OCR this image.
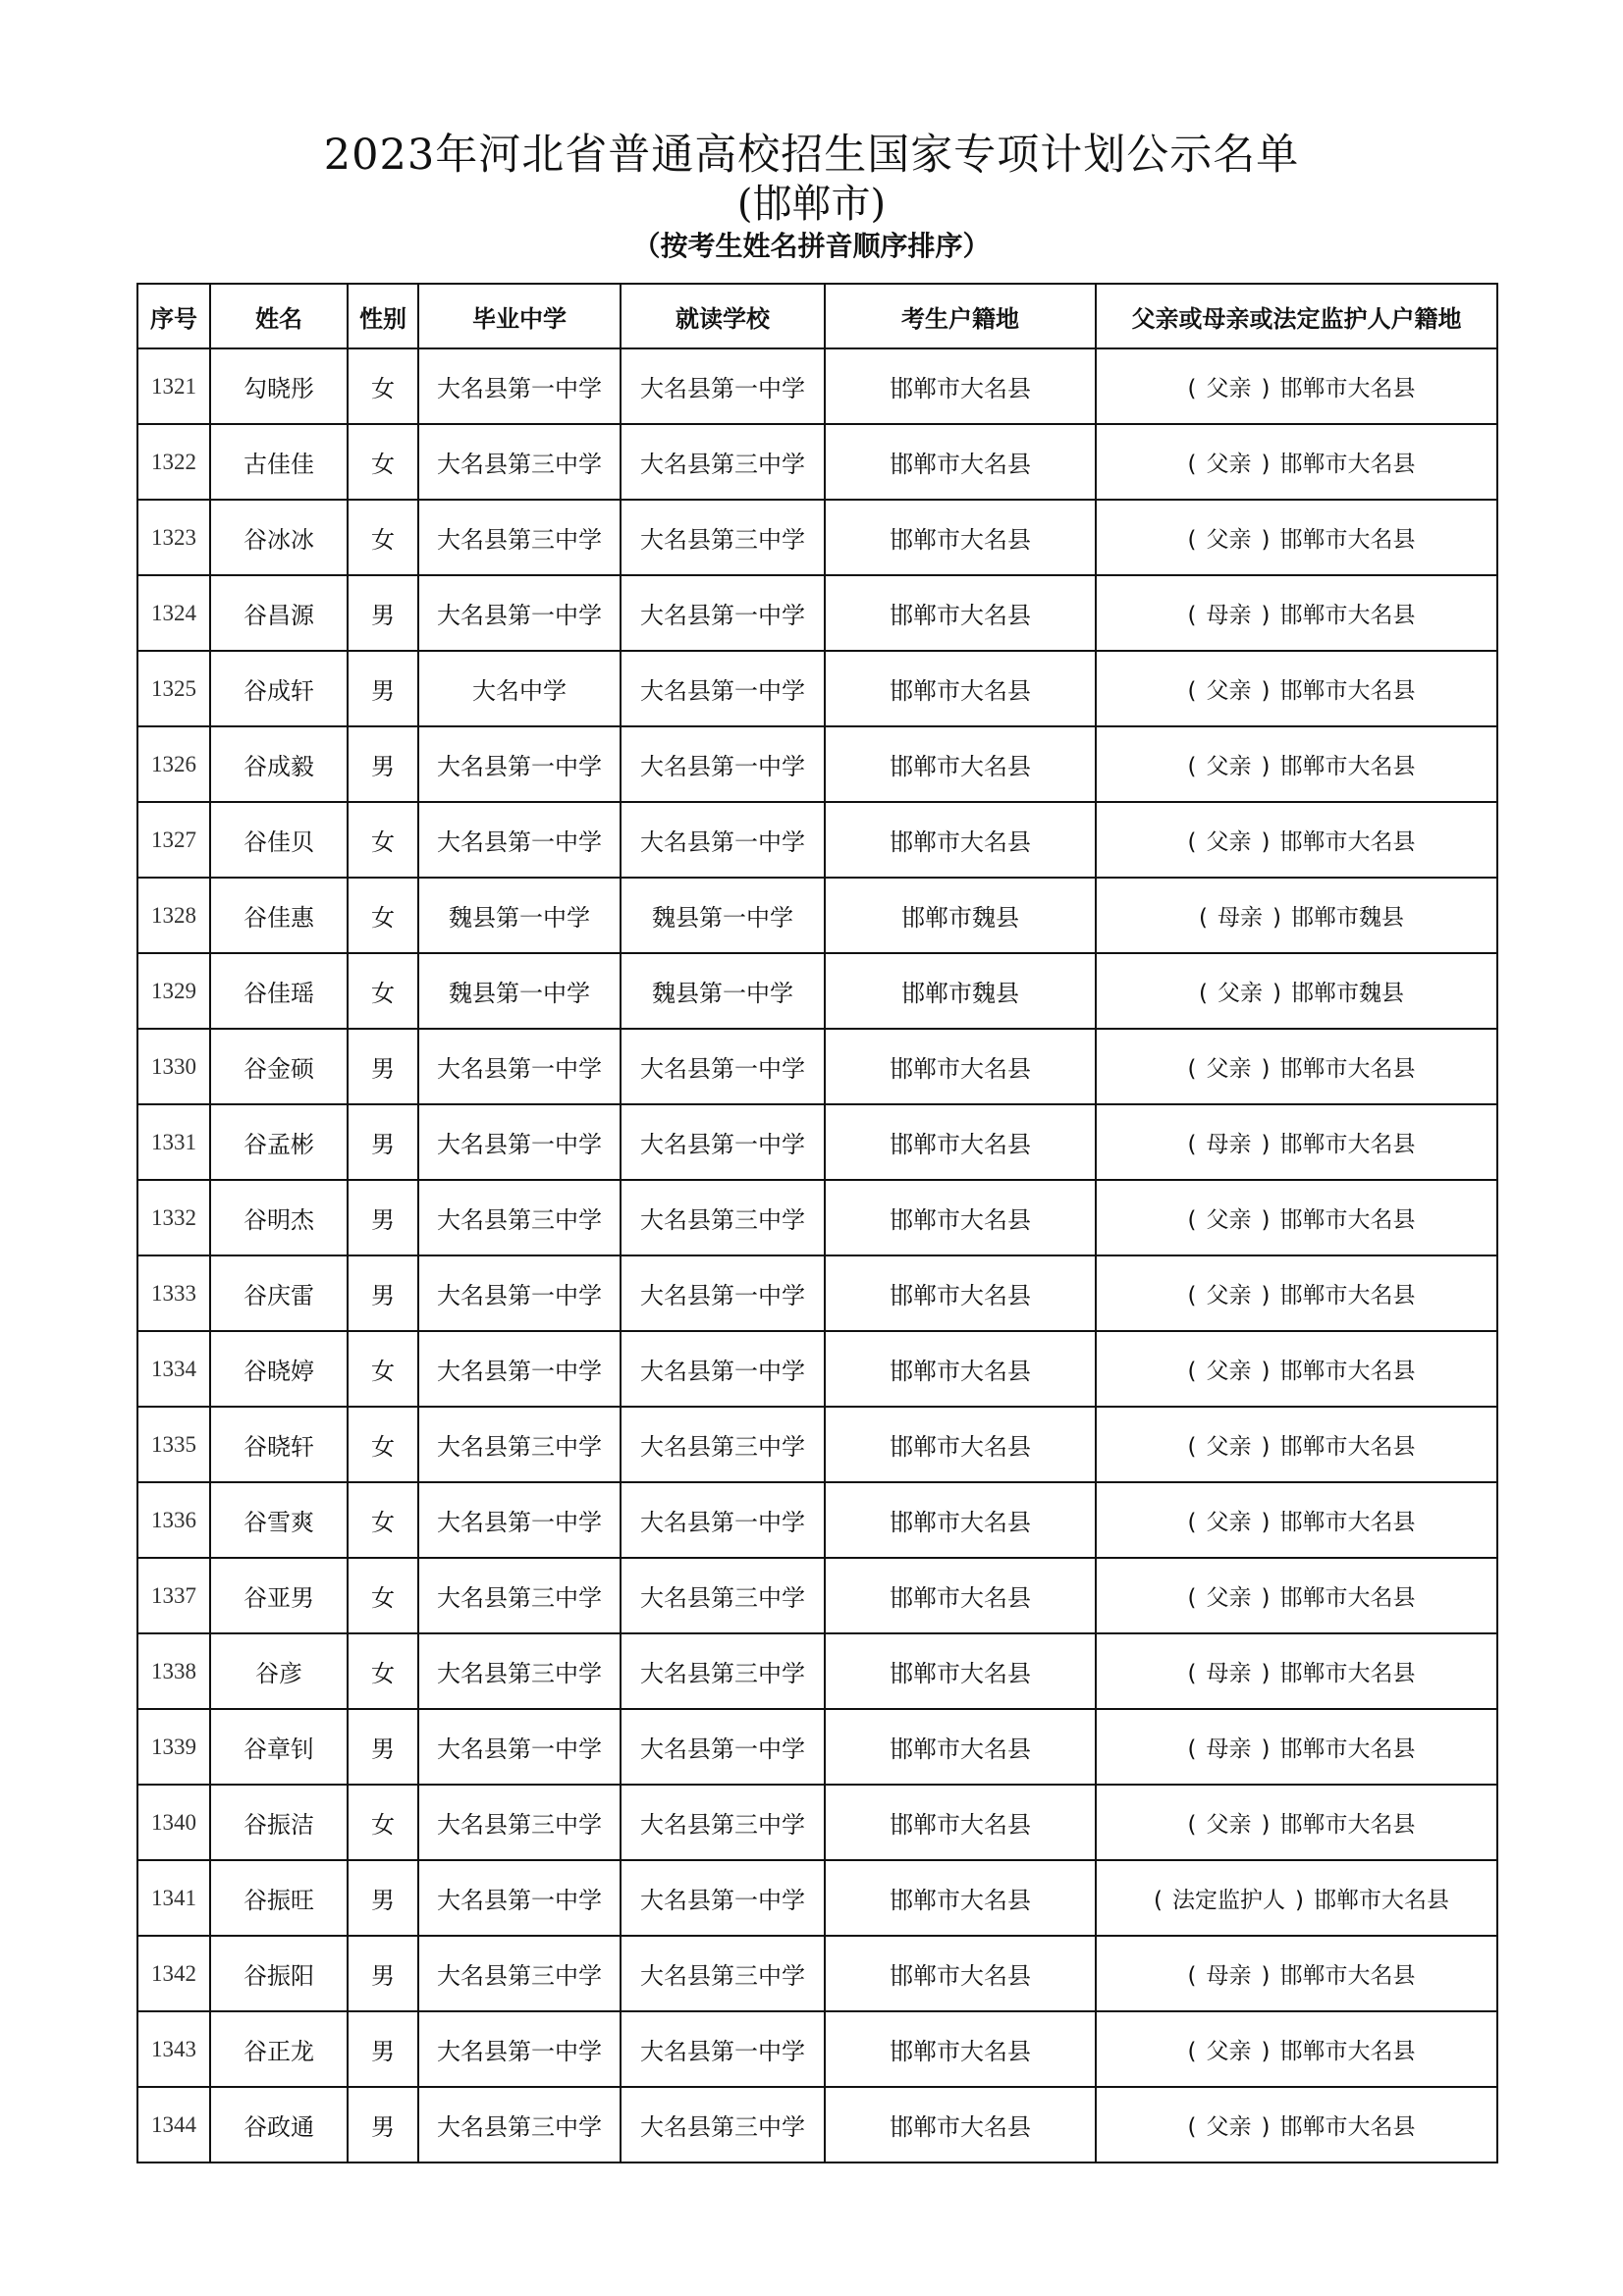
2023年河北省普通高校招生国家专项计划公示名单
(邯郸市)
（按考生姓名拼音顺序排序）
序号	姓名	性别	毕业中学	就读学校	考生户籍地	父亲或母亲或法定监护人户籍地
1321	勾晓彤	女	大名县第一中学	大名县第一中学	邯郸市大名县	( 父亲 ) 邯郸市大名县
1322	古佳佳	女	大名县第三中学	大名县第三中学	邯郸市大名县	( 父亲 ) 邯郸市大名县
1323	谷冰冰	女	大名县第三中学	大名县第三中学	邯郸市大名县	( 父亲 ) 邯郸市大名县
1324	谷昌源	男	大名县第一中学	大名县第一中学	邯郸市大名县	( 母亲 ) 邯郸市大名县
1325	谷成轩	男	大名中学	大名县第一中学	邯郸市大名县	( 父亲 ) 邯郸市大名县
1326	谷成毅	男	大名县第一中学	大名县第一中学	邯郸市大名县	( 父亲 ) 邯郸市大名县
1327	谷佳贝	女	大名县第一中学	大名县第一中学	邯郸市大名县	( 父亲 ) 邯郸市大名县
1328	谷佳惠	女	魏县第一中学	魏县第一中学	邯郸市魏县	( 母亲 ) 邯郸市魏县
1329	谷佳瑶	女	魏县第一中学	魏县第一中学	邯郸市魏县	( 父亲 ) 邯郸市魏县
1330	谷金硕	男	大名县第一中学	大名县第一中学	邯郸市大名县	( 父亲 ) 邯郸市大名县
1331	谷孟彬	男	大名县第一中学	大名县第一中学	邯郸市大名县	( 母亲 ) 邯郸市大名县
1332	谷明杰	男	大名县第三中学	大名县第三中学	邯郸市大名县	( 父亲 ) 邯郸市大名县
1333	谷庆雷	男	大名县第一中学	大名县第一中学	邯郸市大名县	( 父亲 ) 邯郸市大名县
1334	谷晓婷	女	大名县第一中学	大名县第一中学	邯郸市大名县	( 父亲 ) 邯郸市大名县
1335	谷晓轩	女	大名县第三中学	大名县第三中学	邯郸市大名县	( 父亲 ) 邯郸市大名县
1336	谷雪爽	女	大名县第一中学	大名县第一中学	邯郸市大名县	( 父亲 ) 邯郸市大名县
1337	谷亚男	女	大名县第三中学	大名县第三中学	邯郸市大名县	( 父亲 ) 邯郸市大名县
1338	谷彦	女	大名县第三中学	大名县第三中学	邯郸市大名县	( 母亲 ) 邯郸市大名县
1339	谷章钊	男	大名县第一中学	大名县第一中学	邯郸市大名县	( 母亲 ) 邯郸市大名县
1340	谷振洁	女	大名县第三中学	大名县第三中学	邯郸市大名县	( 父亲 ) 邯郸市大名县
1341	谷振旺	男	大名县第一中学	大名县第一中学	邯郸市大名县	( 法定监护人 ) 邯郸市大名县
1342	谷振阳	男	大名县第三中学	大名县第三中学	邯郸市大名县	( 母亲 ) 邯郸市大名县
1343	谷正龙	男	大名县第一中学	大名县第一中学	邯郸市大名县	( 父亲 ) 邯郸市大名县
1344	谷政通	男	大名县第三中学	大名县第三中学	邯郸市大名县	( 父亲 ) 邯郸市大名县
